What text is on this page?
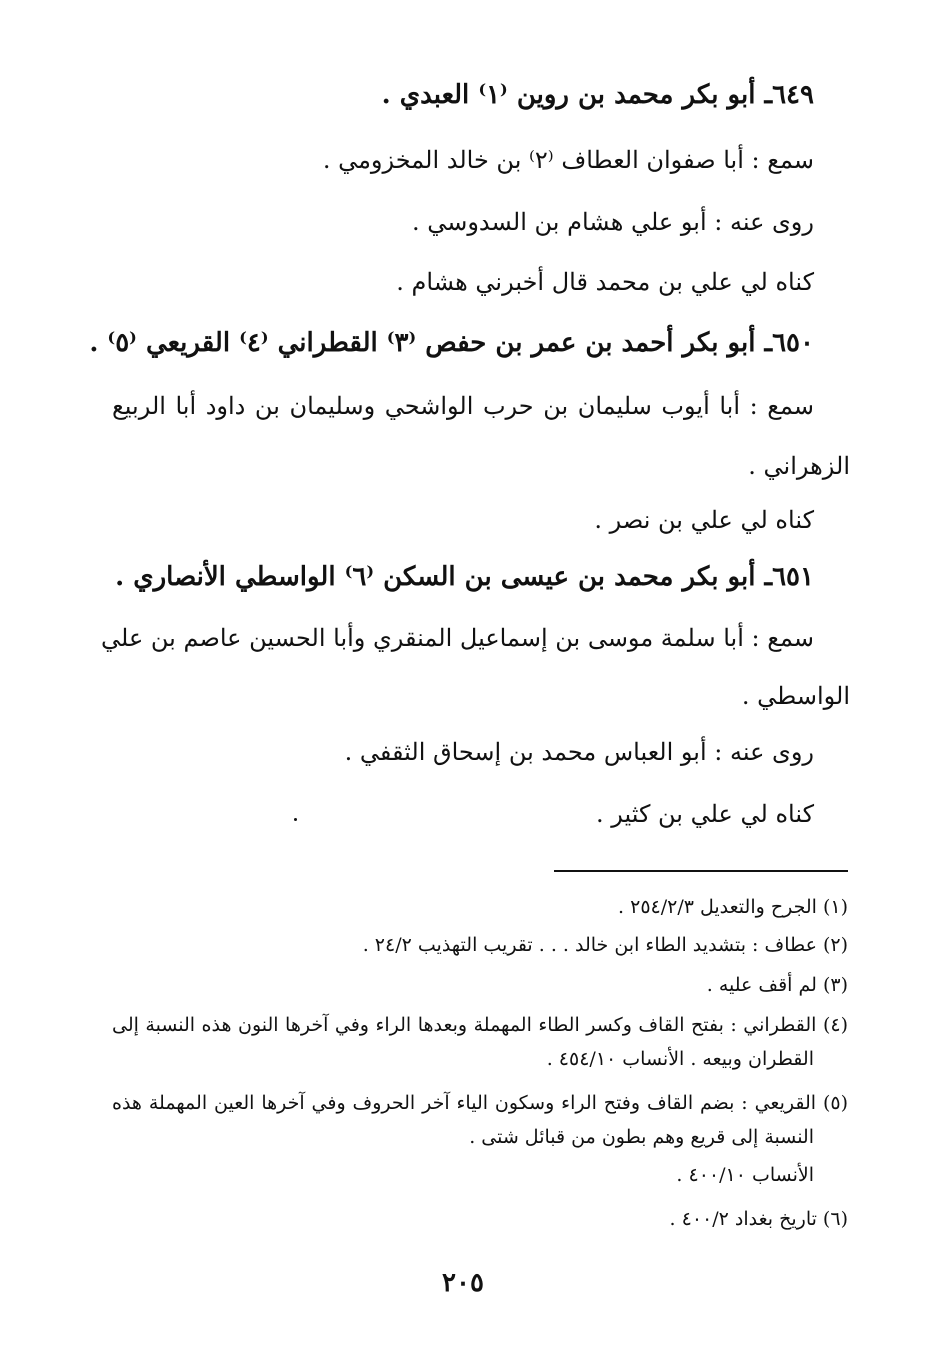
٦٤٩ـ أبو بكر محمد بن روين ⁽١⁾ العبدي .
سمع : أبا صفوان العطاف ⁽٢⁾ بن خالد المخزومي .
روى عنه : أبو علي هشام بن السدوسي .
كناه لي علي بن محمد قال أخبرني هشام .
٦٥٠ـ أبو بكر أحمد بن عمر بن حفص ⁽٣⁾ القطراني ⁽٤⁾ القريعي ⁽٥⁾ .
سمع : أبا أيوب سليمان بن حرب الواشحي وسليمان بن داود أبا الربيع
الزهراني .
كناه لي علي بن نصر .
٦٥١ـ أبو بكر محمد بن عيسى بن السكن ⁽٦⁾ الواسطي الأنصاري .
سمع : أبا سلمة موسى بن إسماعيل المنقري وأبا الحسين عاصم بن علي
الواسطي .
روى عنه : أبو العباس محمد بن إسحاق الثقفي .
كناه لي علي بن كثير .
(١) الجرح والتعديل ٢٥٤/٢/٣ .
(٢) عطاف : بتشديد الطاء ابن خالد . . . تقريب التهذيب ٢٤/٢ .
(٣) لم أقف عليه .
(٤) القطراني : بفتح القاف وكسر الطاء المهملة وبعدها الراء وفي آخرها النون هذه النسبة إلى
القطران وبيعه . الأنساب ٤٥٤/١٠ .
(٥) القريعي : بضم القاف وفتح الراء وسكون الياء آخر الحروف وفي آخرها العين المهملة هذه
النسبة إلى قريع وهم بطون من قبائل شتى .
الأنساب ٤٠٠/١٠ .
(٦) تاريخ بغداد ٤٠٠/٢ .
٢٠٥
